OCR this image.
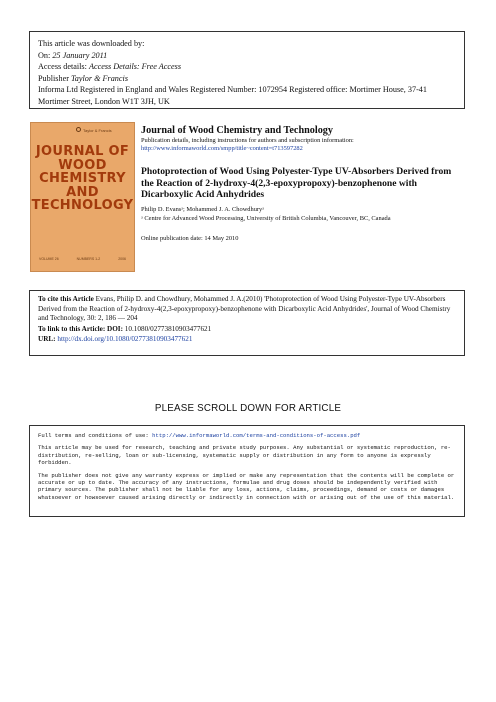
This article was downloaded by:
On: 25 January 2011
Access details: Access Details: Free Access
Publisher Taylor & Francis
Informa Ltd Registered in England and Wales Registered Number: 1072954 Registered office: Mortimer House, 37-41 Mortimer Street, London W1T 3JH, UK
Taylor & Francis
JOURNAL OF
WOOD
CHEMISTRY
AND
TECHNOLOGY
VOLUME 26	NUMBERS 1-2	2006
Journal of Wood Chemistry and Technology
Publication details, including instructions for authors and subscription information:
http://www.informaworld.com/smpp/title~content=t713597282
Photoprotection of Wood Using Polyester-Type UV-Absorbers Derived from the Reaction of 2-hydroxy-4(2,3-epoxypropoxy)-benzophenone with Dicarboxylic Acid Anhydrides
Philip D. Evansᵃ; Mohammed J. A. Chowdhuryᵃ
ᵃ Centre for Advanced Wood Processing, University of British Columbia, Vancouver, BC, Canada
Online publication date: 14 May 2010
To cite this Article Evans, Philip D. and Chowdhury, Mohammed J. A.(2010) 'Photoprotection of Wood Using Polyester-Type UV-Absorbers Derived from the Reaction of 2-hydroxy-4(2,3-epoxypropoxy)-benzophenone with Dicarboxylic Acid Anhydrides', Journal of Wood Chemistry and Technology, 30: 2, 186 — 204
To link to this Article: DOI: 10.1080/02773810903477621
URL: http://dx.doi.org/10.1080/02773810903477621
PLEASE SCROLL DOWN FOR ARTICLE

Full terms and conditions of use: http://www.informaworld.com/terms-and-conditions-of-access.pdf

This article may be used for research, teaching and private study purposes. Any substantial or systematic reproduction, re-distribution, re-selling, loan or sub-licensing, systematic supply or distribution in any form to anyone is expressly forbidden.

The publisher does not give any warranty express or implied or make any representation that the contents will be complete or accurate or up to date. The accuracy of any instructions, formulae and drug doses should be independently verified with primary sources. The publisher shall not be liable for any loss, actions, claims, proceedings, demand or costs or damages whatsoever or howsoever caused arising directly or indirectly in connection with or arising out of the use of this material.
